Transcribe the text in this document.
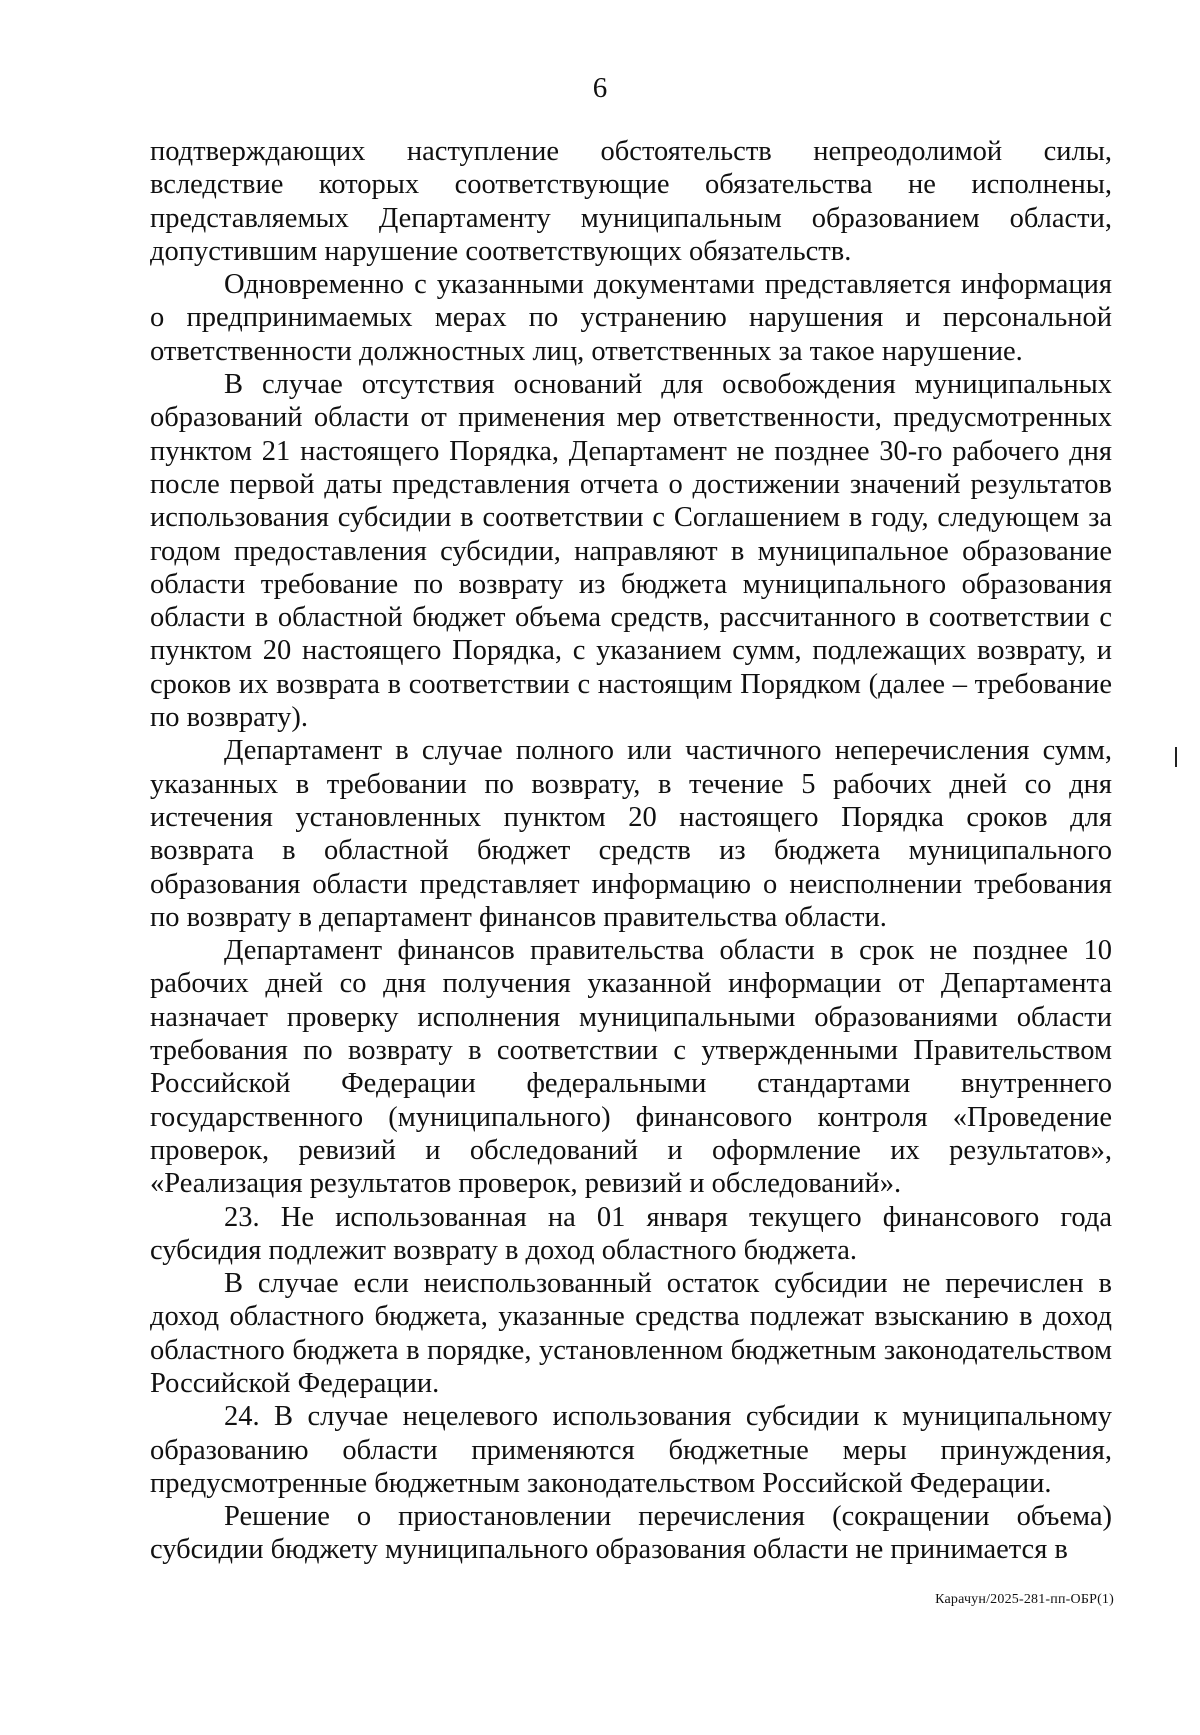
6

подтверждающих наступление обстоятельств непреодолимой силы, вследствие которых соответствующие обязательства не исполнены, представляемых Департаменту муниципальным образованием области, допустившим нарушение соответствующих обязательств.

Одновременно с указанными документами представляется информация о предпринимаемых мерах по устранению нарушения и персональной ответственности должностных лиц, ответственных за такое нарушение.

В случае отсутствия оснований для освобождения муниципальных образований области от применения мер ответственности, предусмотренных пунктом 21 настоящего Порядка, Департамент не позднее 30-го рабочего дня после первой даты представления отчета о достижении значений результатов использования субсидии в соответствии с Соглашением в году, следующем за годом предоставления субсидии, направляют в муниципальное образование области требование по возврату из бюджета муниципального образования области в областной бюджет объема средств, рассчитанного в соответствии с пунктом 20 настоящего Порядка, с указанием сумм, подлежащих возврату, и сроков их возврата в соответствии с настоящим Порядком (далее – требование по возврату).

Департамент в случае полного или частичного неперечисления сумм, указанных в требовании по возврату, в течение 5 рабочих дней со дня истечения установленных пунктом 20 настоящего Порядка сроков для возврата в областной бюджет средств из бюджета муниципального образования области представляет информацию о неисполнении требования по возврату в департамент финансов правительства области.

Департамент финансов правительства области в срок не позднее 10 рабочих дней со дня получения указанной информации от Департамента назначает проверку исполнения муниципальными образованиями области требования по возврату в соответствии с утвержденными Правительством Российской Федерации федеральными стандартами внутреннего государственного (муниципального) финансового контроля «Проведение проверок, ревизий и обследований и оформление их результатов», «Реализация результатов проверок, ревизий и обследований».

23. Не использованная на 01 января текущего финансового года субсидия подлежит возврату в доход областного бюджета.

В случае если неиспользованный остаток субсидии не перечислен в доход областного бюджета, указанные средства подлежат взысканию в доход областного бюджета в порядке, установленном бюджетным законодательством Российской Федерации.

24. В случае нецелевого использования субсидии к муниципальному образованию области применяются бюджетные меры принуждения, предусмотренные бюджетным законодательством Российской Федерации.

Решение о приостановлении перечисления (сокращении объема) субсидии бюджету муниципального образования области не принимается в

Карачун/2025-281-пп-ОБР(1)
